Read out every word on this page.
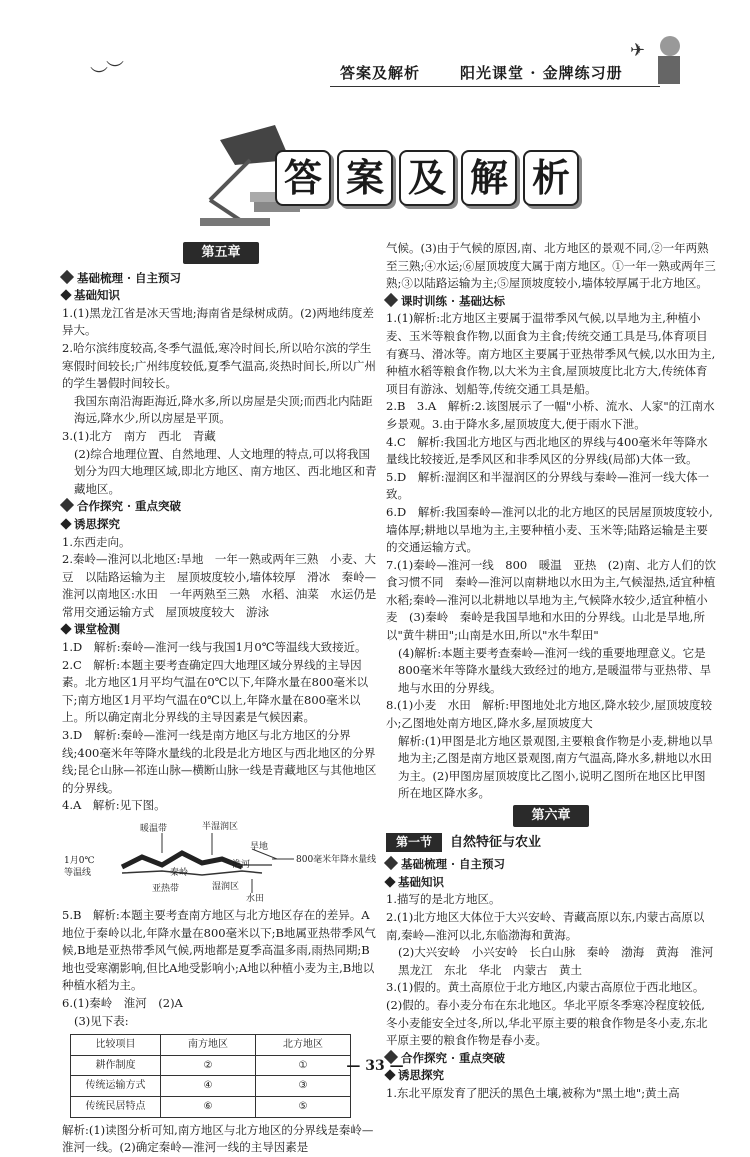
︶
︶
✈
答案及解析	阳光课堂 · 金牌练习册
答 案 及 解 析
第五章

基础梳理 · 自主预习

基础知识

1.(1)黑龙江省是冰天雪地;海南省是绿树成荫。(2)两地纬度差异大。

2.哈尔滨纬度较高,冬季气温低,寒冷时间长,所以哈尔滨的学生寒假时间较长;广州纬度较低,夏季气温高,炎热时间长,所以广州的学生暑假时间较长。

我国东南沿海距海近,降水多,所以房屋是尖顶;而西北内陆距海远,降水少,所以房屋是平顶。

3.(1)北方　南方　西北　青藏

(2)综合地理位置、自然地理、人文地理的特点,可以将我国划分为四大地理区域,即北方地区、南方地区、西北地区和青藏地区。

合作探究 · 重点突破

诱思探究

1.东西走向。

2.秦岭—淮河以北地区:旱地　一年一熟或两年三熟　小麦、大豆　以陆路运输为主　屋顶坡度较小,墙体较厚　滑冰　秦岭—淮河以南地区:水田　一年两熟至三熟　水稻、油菜　水运仍是常用交通运输方式　屋顶坡度较大　游泳

课堂检测

1.D　解析:秦岭—淮河一线与我国1月0℃等温线大致接近。

2.C　解析:本题主要考查确定四大地理区域分界线的主导因素。北方地区1月平均气温在0℃以下,年降水量在800毫米以下;南方地区1月平均气温在0℃以上,年降水量在800毫米以上。所以确定南北分界线的主导因素是气候因素。

3.D　解析:秦岭—淮河一线是南方地区与北方地区的分界线;400毫米年等降水量线的北段是北方地区与西北地区的分界线;昆仑山脉—祁连山脉—横断山脉一线是青藏地区与其他地区的分界线。

4.A　解析:见下图。

暖温带	半湿润区
旱地
800毫米年降水量线
1月0℃
等温线	秦岭
淮河
湿润区
亚热带
水田

5.B　解析:本题主要考查南方地区与北方地区存在的差异。A地位于秦岭以北,年降水量在800毫米以下;B地属亚热带季风气候,B地是亚热带季风气候,两地都是夏季高温多雨,雨热同期;B地也受寒潮影响,但比A地受影响小;A地以种植小麦为主,B地以种植水稻为主。

6.(1)秦岭　淮河　(2)A

(3)见下表:

比较项目	南方地区	北方地区
耕作制度	②	①
传统运输方式	④	③
传统民居特点	⑥	⑤

解析:(1)读图分析可知,南方地区与北方地区的分界线是秦岭—淮河一线。(2)确定秦岭—淮河一线的主导因素是

气候。(3)由于气候的原因,南、北方地区的景观不同,②一年两熟至三熟;④水运;⑥屋顶坡度大属于南方地区。①一年一熟或两年三熟;③以陆路运输为主;⑤屋顶坡度较小,墙体较厚属于北方地区。

课时训练 · 基础达标

1.(1)解析:北方地区主要属于温带季风气候,以旱地为主,种植小麦、玉米等粮食作物,以面食为主食;传统交通工具是马,体育项目有赛马、滑冰等。南方地区主要属于亚热带季风气候,以水田为主,种植水稻等粮食作物,以大米为主食,屋顶坡度比北方大,传统体育项目有游泳、划船等,传统交通工具是船。

2.B　3.A　解析:2.该图展示了一幅"小桥、流水、人家"的江南水乡景观。3.由于降水多,屋顶坡度大,便于雨水下泄。

4.C　解析:我国北方地区与西北地区的界线与400毫米年等降水量线比较接近,是季风区和非季风区的分界线(局部)大体一致。

5.D　解析:湿润区和半湿润区的分界线与秦岭—淮河一线大体一致。

6.D　解析:我国秦岭—淮河以北的北方地区的民居屋顶坡度较小,墙体厚;耕地以旱地为主,主要种植小麦、玉米等;陆路运输是主要的交通运输方式。

7.(1)秦岭—淮河一线　800　暖温　亚热　(2)南、北方人们的饮食习惯不同　秦岭—淮河以南耕地以水田为主,气候湿热,适宜种植水稻;秦岭—淮河以北耕地以旱地为主,气候降水较少,适宜种植小麦　(3)秦岭　秦岭是我国旱地和水田的分界线。山北是旱地,所以"黄牛耕田";山南是水田,所以"水牛犁田"

(4)解析:本题主要考查秦岭—淮河一线的重要地理意义。它是800毫米年等降水量线大致经过的地方,是暖温带与亚热带、旱地与水田的分界线。

8.(1)小麦　水田　解析:甲图地处北方地区,降水较少,屋顶坡度较小;乙图地处南方地区,降水多,屋顶坡度大

解析:(1)甲图是北方地区景观图,主要粮食作物是小麦,耕地以旱地为主;乙图是南方地区景观图,南方气温高,降水多,耕地以水田为主。(2)甲图房屋顶坡度比乙图小,说明乙图所在地区比甲图所在地区降水多。

第六章
第一节	自然特征与农业

基础梳理 · 自主预习

基础知识

1.描写的是北方地区。

2.(1)北方地区大体位于大兴安岭、青藏高原以东,内蒙古高原以南,秦岭—淮河以北,东临渤海和黄海。

(2)大兴安岭　小兴安岭　长白山脉　秦岭　渤海　黄海　淮河　黑龙江　东北　华北　内蒙古　黄土

3.(1)假的。黄土高原位于北方地区,内蒙古高原位于西北地区。(2)假的。春小麦分布在东北地区。华北平原冬季寒冷程度较低,冬小麦能安全过冬,所以,华北平原主要的粮食作物是冬小麦,东北平原主要的粮食作物是春小麦。

合作探究 · 重点突破

诱思探究

1.东北平原发育了肥沃的黑色土壤,被称为"黑土地";黄土高

— 33 —
